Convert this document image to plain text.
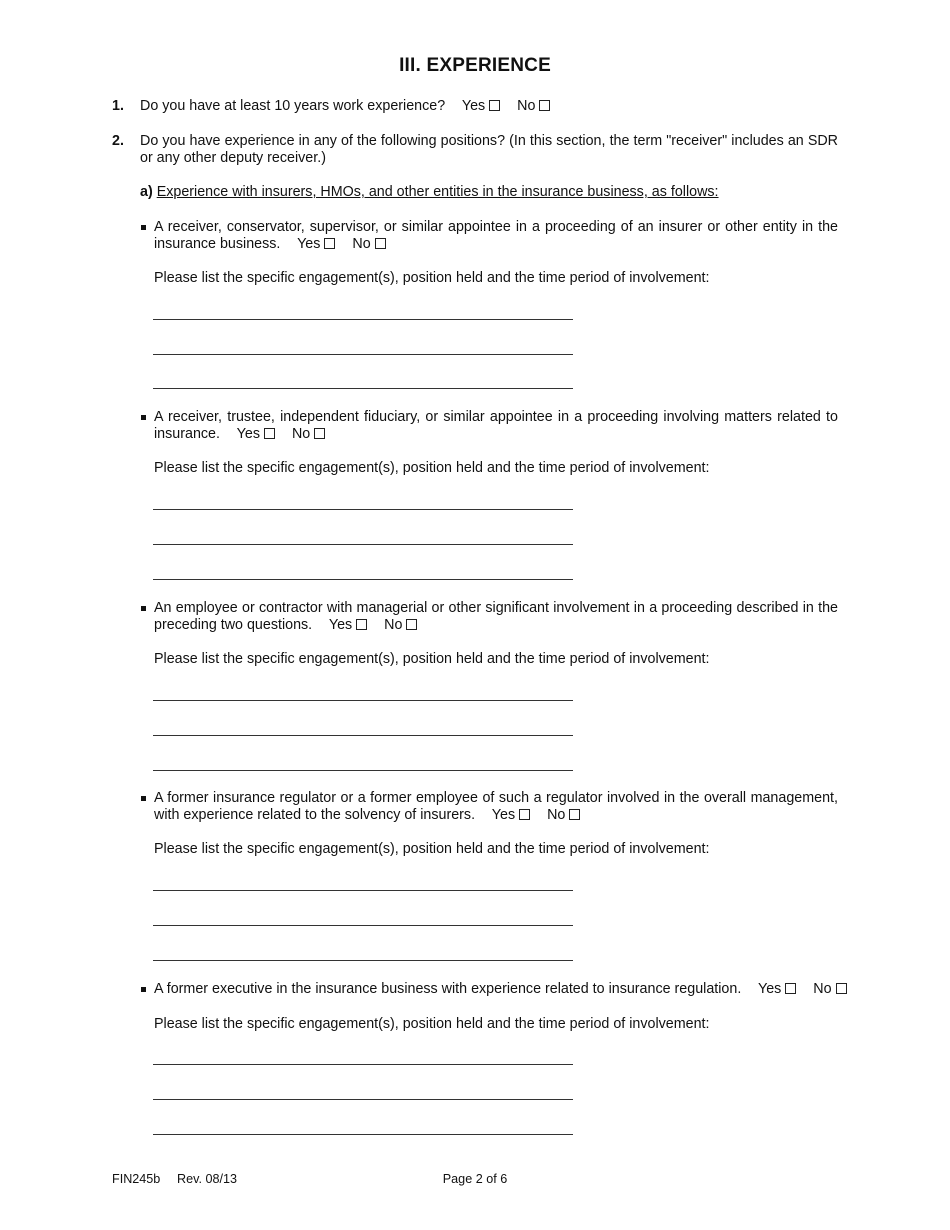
III. EXPERIENCE
1. Do you have at least 10 years work experience? Yes No
2. Do you have experience in any of the following positions? (In this section, the term "receiver" includes an SDR or any other deputy receiver.)
a) Experience with insurers, HMOs, and other entities in the insurance business, as follows:
A receiver, conservator, supervisor, or similar appointee in a proceeding of an insurer or other entity in the insurance business. Yes No
Please list the specific engagement(s), position held and the time period of involvement:
A receiver, trustee, independent fiduciary, or similar appointee in a proceeding involving matters related to insurance. Yes No
Please list the specific engagement(s), position held and the time period of involvement:
An employee or contractor with managerial or other significant involvement in a proceeding described in the preceding two questions. Yes No
Please list the specific engagement(s), position held and the time period of involvement:
A former insurance regulator or a former employee of such a regulator involved in the overall management, with experience related to the solvency of insurers. Yes No
Please list the specific engagement(s), position held and the time period of involvement:
A former executive in the insurance business with experience related to insurance regulation. Yes No
Please list the specific engagement(s), position held and the time period of involvement:
FIN245b Rev. 08/13	Page 2 of 6
